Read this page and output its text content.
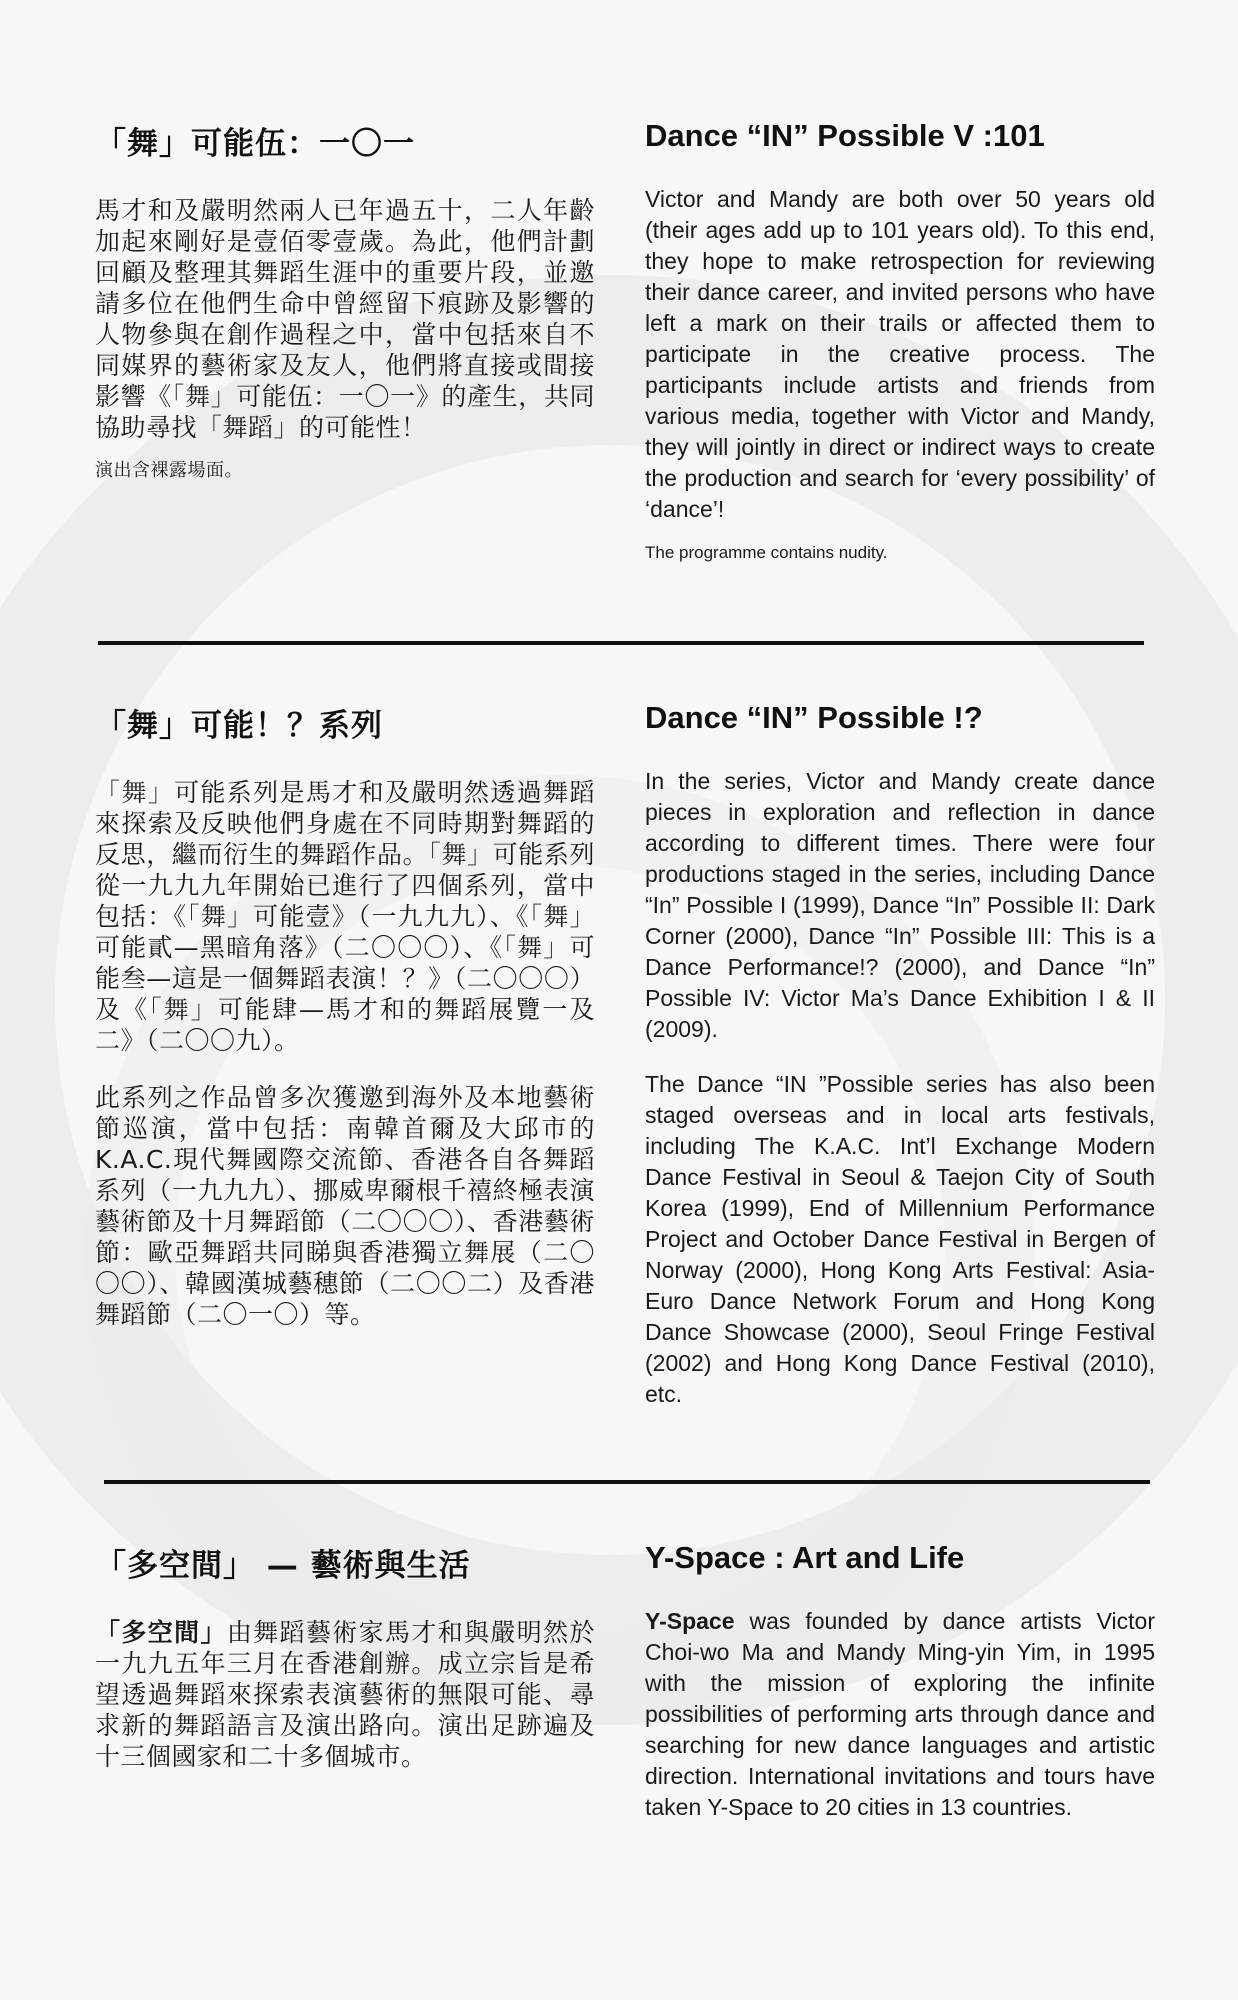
「舞」可能伍：一〇一

馬才和及嚴明然兩人已年過五十，二人年齡加起來剛好是壹佰零壹歲。為此，他們計劃回顧及整理其舞蹈生涯中的重要片段，並邀請多位在他們生命中曾經留下痕跡及影響的人物參與在創作過程之中，當中包括來自不同媒界的藝術家及友人，他們將直接或間接影響《「舞」可能伍：一〇一》的產生，共同協助尋找「舞蹈」的可能性！

演出含裸露場面。

Dance “IN” Possible V :101

Victor and Mandy are both over 50 years old (their ages add up to 101 years old). To this end, they hope to make retrospection for reviewing their dance career, and invited persons who have left a mark on their trails or affected them to participate in the creative process. The participants include artists and friends from various media, together with Victor and Mandy, they will jointly in direct or indirect ways to create the production and search for ‘every possibility’ of ‘dance’!

The programme contains nudity.

「舞」可能！？系列

「舞」可能系列是馬才和及嚴明然透過舞蹈來探索及反映他們身處在不同時期對舞蹈的反思，繼而衍生的舞蹈作品。「舞」可能系列從一九九九年開始已進行了四個系列，當中包括：《「舞」可能壹》（一九九九）、《「舞」可能貳—黑暗角落》（二〇〇〇）、《「舞」可能叁—這是一個舞蹈表演！？》（二〇〇〇）及《「舞」可能肆—馬才和的舞蹈展覽一及二》（二〇〇九）。

此系列之作品曾多次獲邀到海外及本地藝術節巡演，當中包括：南韓首爾及大邱市的K.A.C.現代舞國際交流節、香港各自各舞蹈系列（一九九九）、挪威卑爾根千禧終極表演藝術節及十月舞蹈節（二〇〇〇）、香港藝術節：歐亞舞蹈共同睇與香港獨立舞展（二〇〇〇）、韓國漢城藝穗節（二〇〇二）及香港舞蹈節（二〇一〇）等。

Dance “IN” Possible !?

In the series, Victor and Mandy create dance pieces in exploration and reflection in dance according to different times. There were four productions staged in the series, including Dance “In” Possible I (1999), Dance “In” Possible II: Dark Corner (2000), Dance “In” Possible III: This is a Dance Performance!? (2000), and Dance “In” Possible IV: Victor Ma’s Dance Exhibition I & II (2009).

The Dance “IN ”Possible series has also been staged overseas and in local arts festivals, including The K.A.C. Int’l Exchange Modern Dance Festival in Seoul & Taejon City of South Korea (1999), End of Millennium Performance Project and October Dance Festival in Bergen of Norway (2000), Hong Kong Arts Festival: Asia-Euro Dance Network Forum and Hong Kong Dance Showcase (2000), Seoul Fringe Festival (2002) and Hong Kong Dance Festival (2010), etc.

「多空間」 — 藝術與生活

「多空間」由舞蹈藝術家馬才和與嚴明然於一九九五年三月在香港創辦。成立宗旨是希望透過舞蹈來探索表演藝術的無限可能、尋求新的舞蹈語言及演出路向。演出足跡遍及十三個國家和二十多個城市。

Y-Space : Art and Life

Y-Space was founded by dance artists Victor Choi-wo Ma and Mandy Ming-yin Yim, in 1995 with the mission of exploring the infinite possibilities of performing arts through dance and searching for new dance languages and artistic direction. International invitations and tours have taken Y-Space to 20 cities in 13 countries.
